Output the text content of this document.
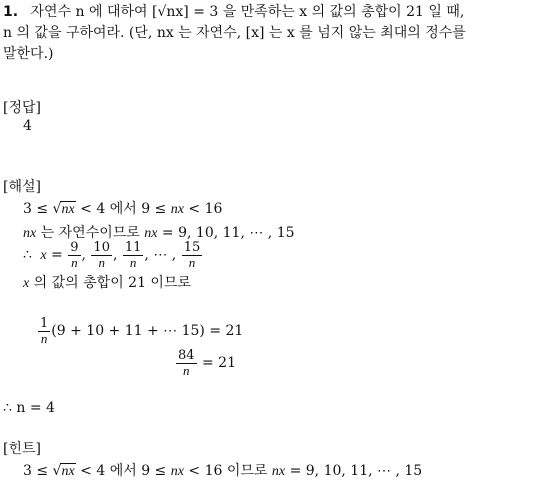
1. 자연수 n 에 대하여 [√nx] = 3 을 만족하는 x 의 값의 총합이 21 일 때,
n 의 값을 구하여라. (단, nx 는 자연수, [x] 는 x 를 넘지 않는 최대의 정수를
말한다.)
[정답]
4
[해설]
3 ≤ √nx < 4 에서 9 ≤ nx < 16
nx 는 자연수이므로 nx = 9, 10, 11, ⋯ , 15
∴ $x = \frac{9}{n}$ , $\frac{10}{n}$ , $\frac{11}{n}$ , ⋯ , $\frac{15}{n}$
x 의 값의 총합이 21 이므로
$\frac{1}{n} (9 + 10 + 11$ + ⋯ 15) = 21
$\frac{84}{n} = 21$
∴ n = 4
[힌트]
3 ≤ √nx < 4 에서 9 ≤ nx < 16 이므로 nx = 9, 10, 11, ⋯ , 15
